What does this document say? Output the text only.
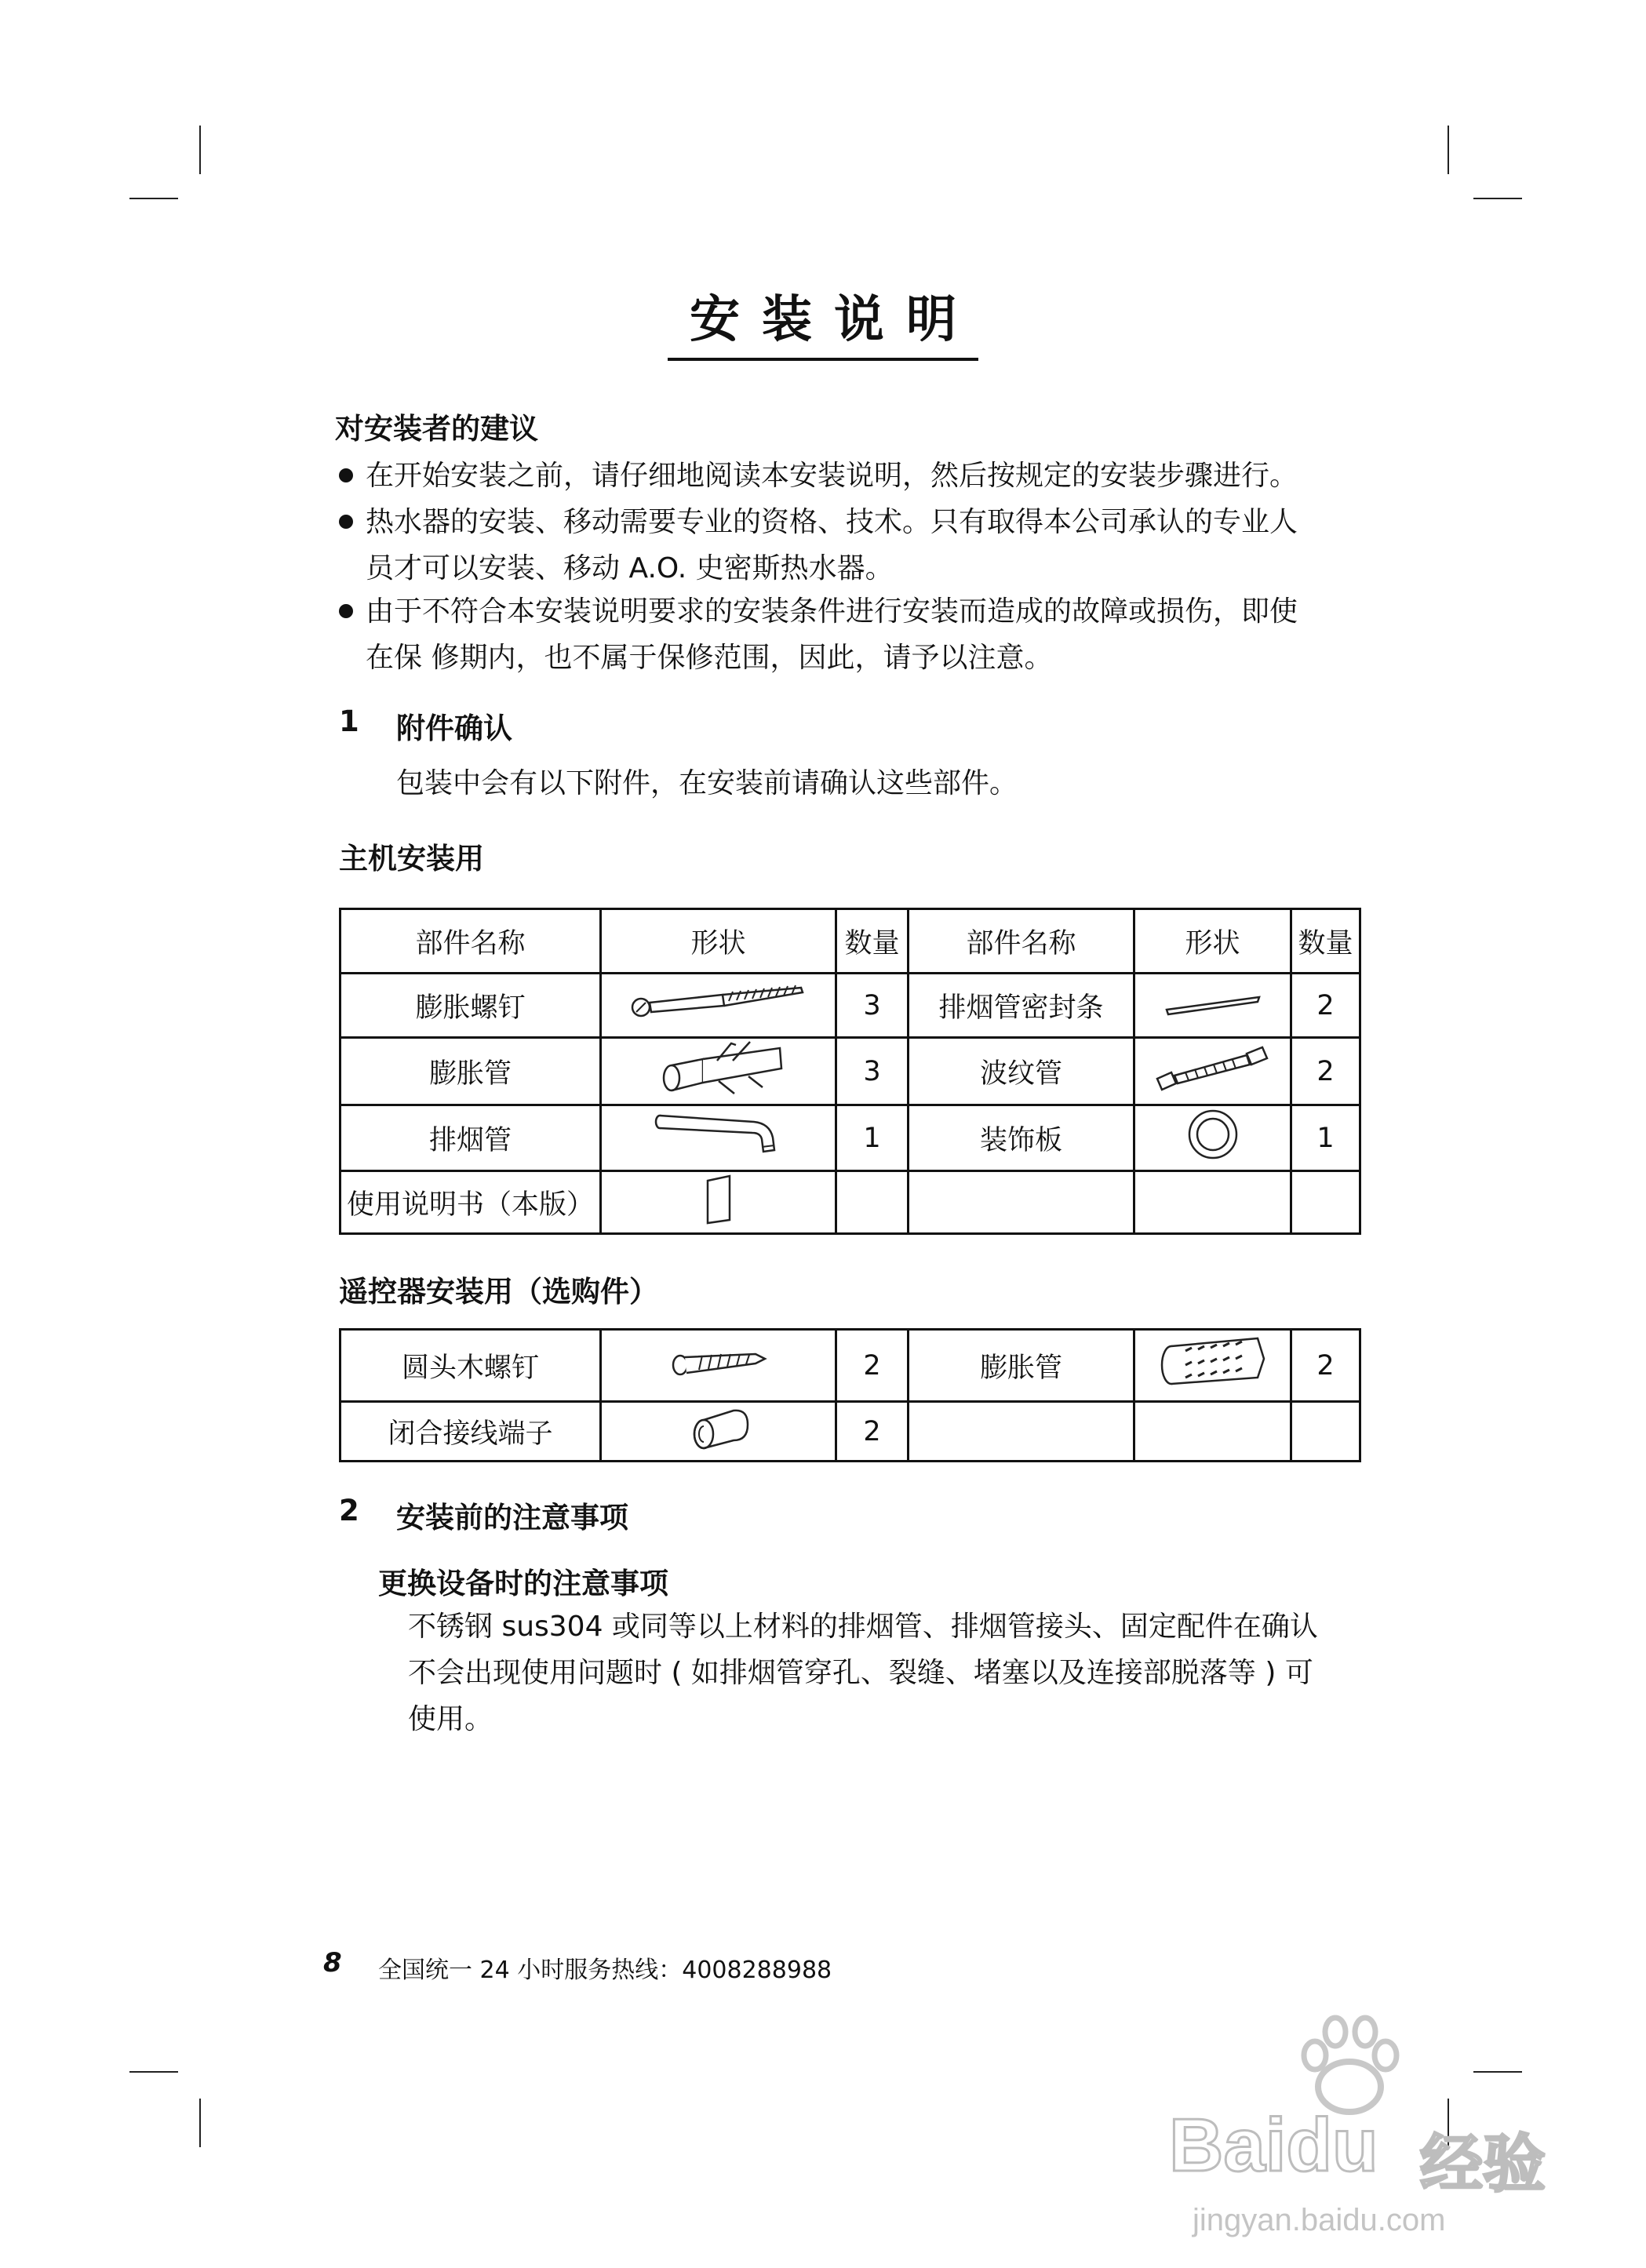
安装说明
对安装者的建议
在开始安装之前，请仔细地阅读本安装说明，然后按规定的安装步骤进行。
热水器的安装、移动需要专业的资格、技术。只有取得本公司承认的专业人
员才可以安装、移动 A.O. 史密斯热水器。
由于不符合本安装说明要求的安装条件进行安装而造成的故障或损伤，即使
在保 修期内，也不属于保修范围，因此，请予以注意。
1 附件确认
包装中会有以下附件，在安装前请确认这些部件。
主机安装用
部件名称	形状	数量	部件名称	形状	数量
膨胀螺钉		3	排烟管密封条		2
膨胀管		3	波纹管		2
排烟管		1	装饰板		1
使用说明书（本版）					
遥控器安装用（选购件）
圆头木螺钉		2	膨胀管		2
闭合接线端子		2			
2 安装前的注意事项
更换设备时的注意事项
不锈钢 sus304 或同等以上材料的排烟管、排烟管接头、固定配件在确认
不会出现使用问题时 ( 如排烟管穿孔、裂缝、堵塞以及连接部脱落等 ) 可
使用。
8 全国统一 24 小时服务热线：4008288988
Baidu 经验
jingyan.baidu.com
